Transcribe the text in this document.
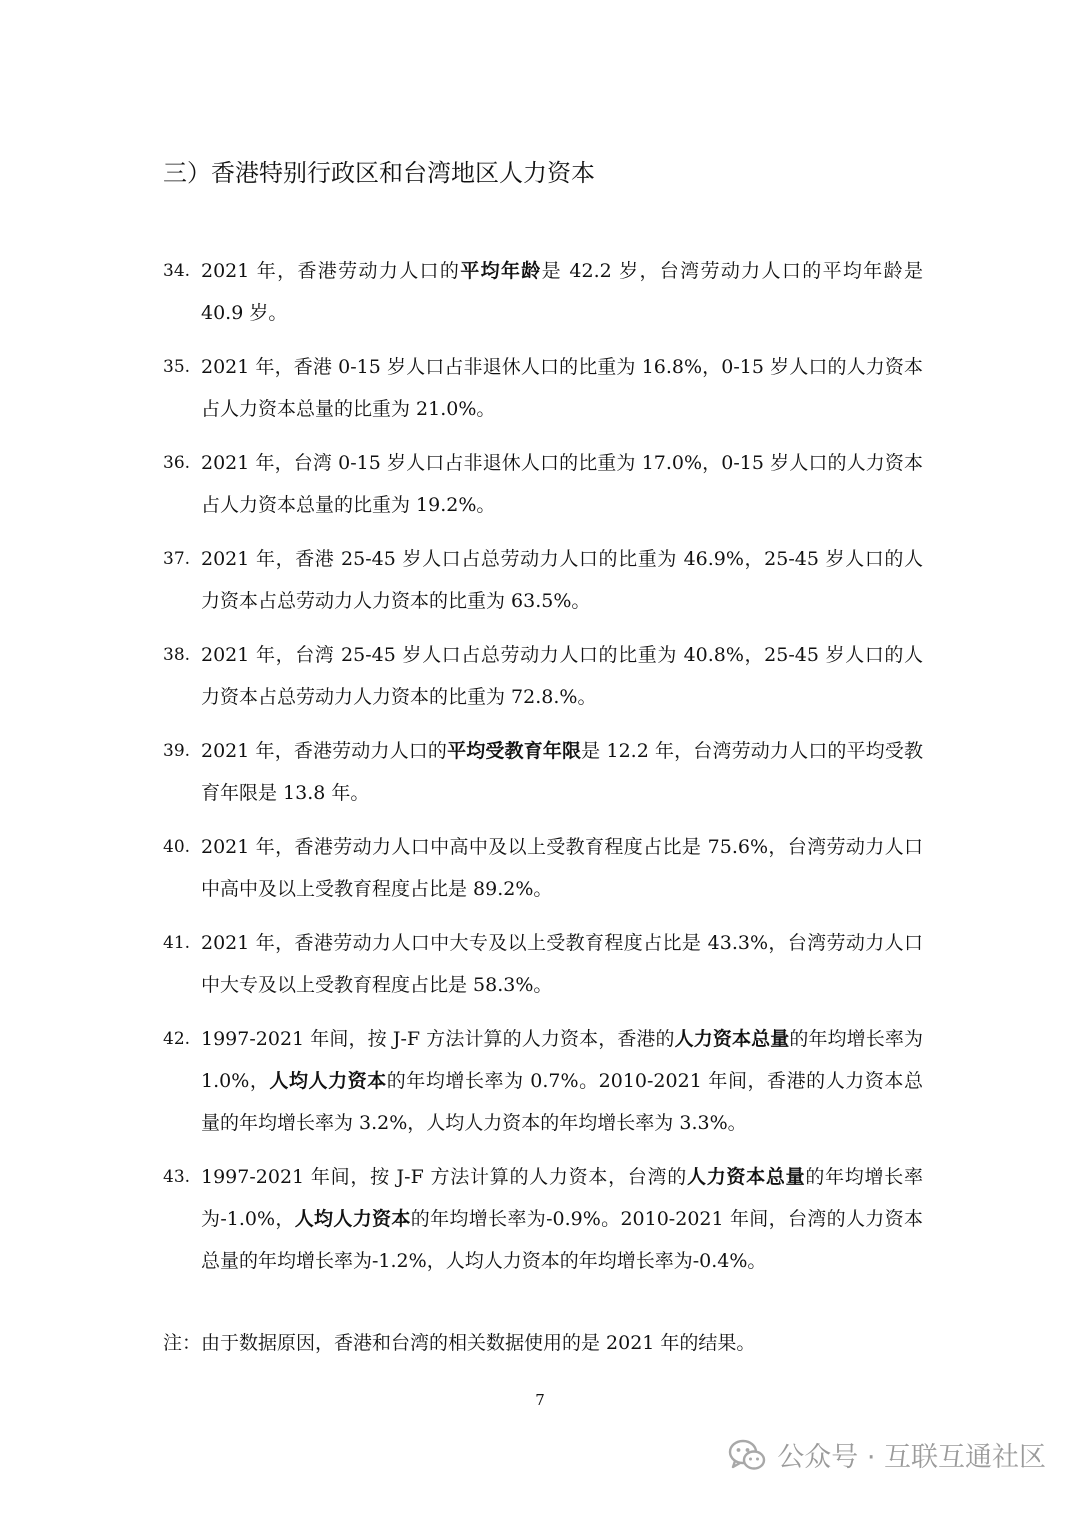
三）香港特别行政区和台湾地区人力资本
34. 2021 年，香港劳动力人口的平均年龄是 42.2 岁，台湾劳动力人口的平均年龄是 40.9 岁。
35. 2021 年，香港 0-15 岁人口占非退休人口的比重为 16.8%，0-15 岁人口的人力资本占人力资本总量的比重为 21.0%。
36. 2021 年，台湾 0-15 岁人口占非退休人口的比重为 17.0%，0-15 岁人口的人力资本占人力资本总量的比重为 19.2%。
37. 2021 年，香港 25-45 岁人口占总劳动力人口的比重为 46.9%，25-45 岁人口的人力资本占总劳动力人力资本的比重为 63.5%。
38. 2021 年，台湾 25-45 岁人口占总劳动力人口的比重为 40.8%，25-45 岁人口的人力资本占总劳动力人力资本的比重为 72.8.%。
39. 2021 年，香港劳动力人口的平均受教育年限是 12.2 年，台湾劳动力人口的平均受教育年限是 13.8 年。
40. 2021 年，香港劳动力人口中高中及以上受教育程度占比是 75.6%，台湾劳动力人口中高中及以上受教育程度占比是 89.2%。
41. 2021 年，香港劳动力人口中大专及以上受教育程度占比是 43.3%，台湾劳动力人口中大专及以上受教育程度占比是 58.3%。
42. 1997-2021 年间，按 J-F 方法计算的人力资本，香港的人力资本总量的年均增长率为 1.0%，人均人力资本的年均增长率为 0.7%。2010-2021 年间，香港的人力资本总量的年均增长率为 3.2%，人均人力资本的年均增长率为 3.3%。
43. 1997-2021 年间，按 J-F 方法计算的人力资本，台湾的人力资本总量的年均增长率为-1.0%，人均人力资本的年均增长率为-0.9%。2010-2021 年间，台湾的人力资本总量的年均增长率为-1.2%，人均人力资本的年均增长率为-0.4%。
注：由于数据原因，香港和台湾的相关数据使用的是 2021 年的结果。
7
公众号 · 互联互通社区
